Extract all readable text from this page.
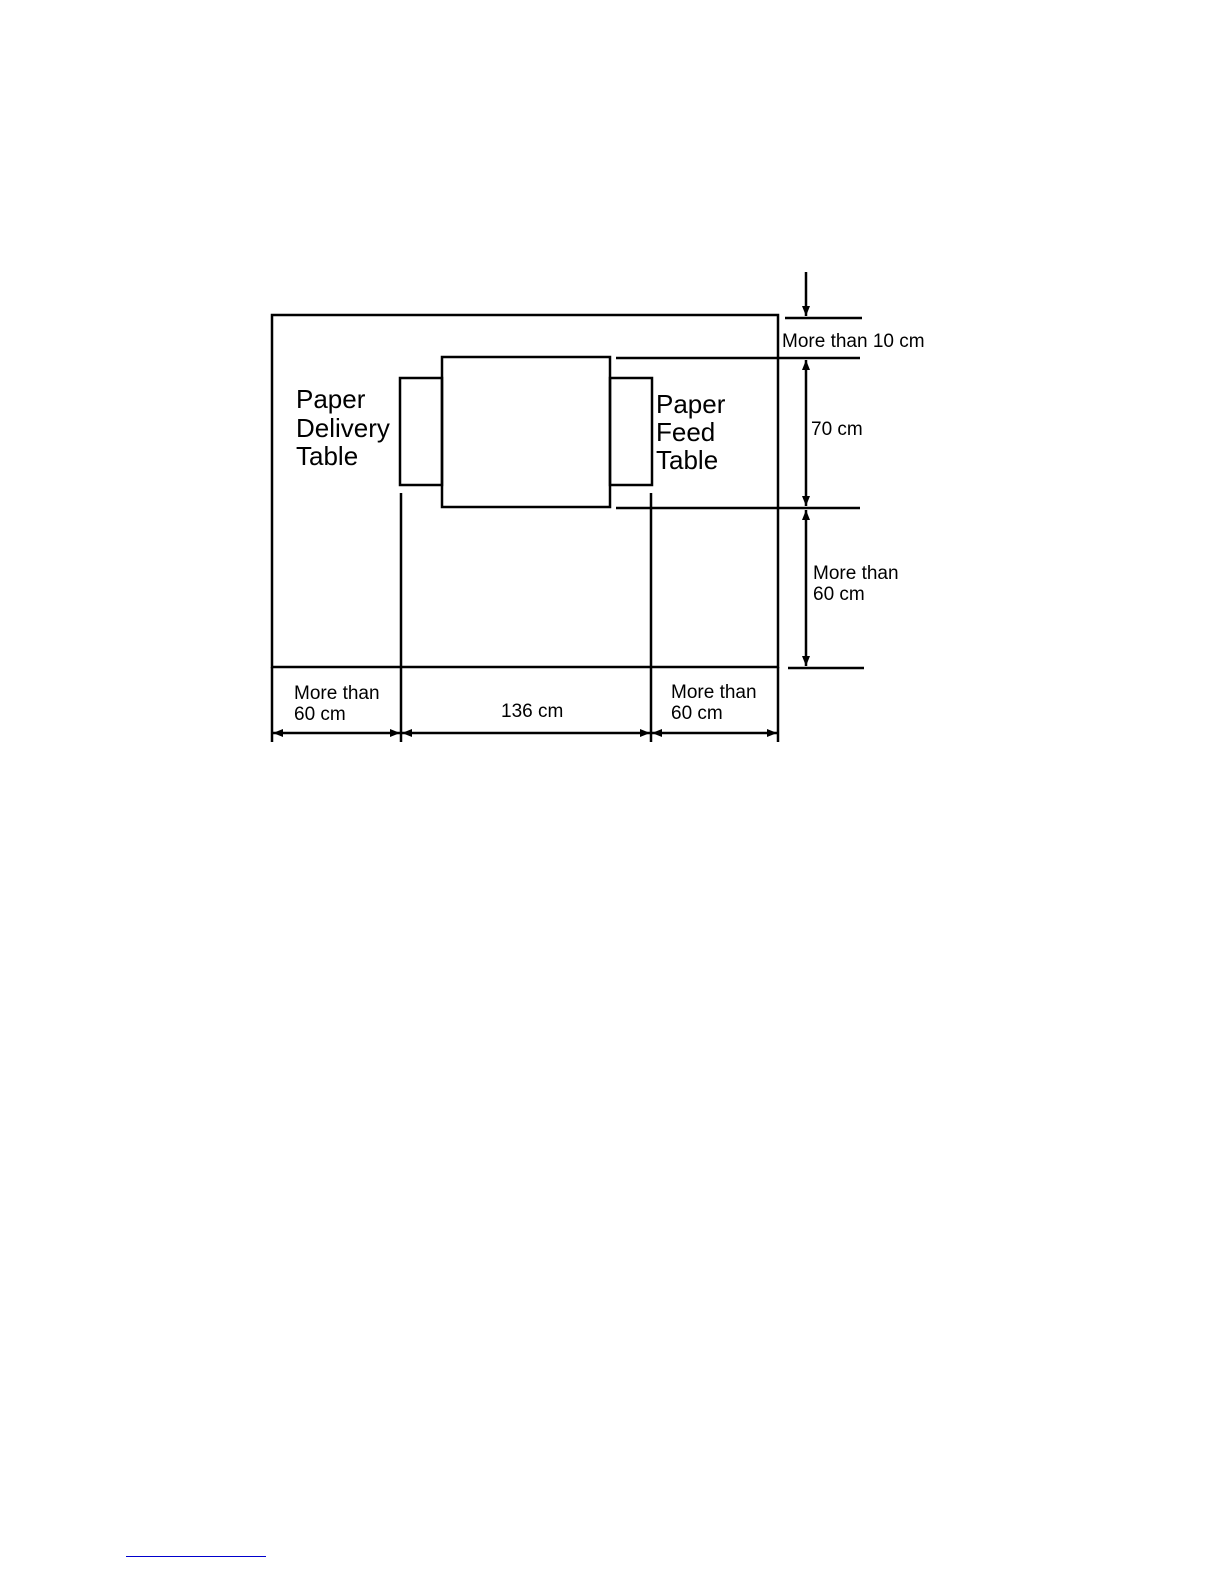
Paper
Delivery
Table
Paper
Feed
Table
More than 10 cm
70 cm
More than
60 cm
More than
60 cm	136 cm
More than
60 cm
